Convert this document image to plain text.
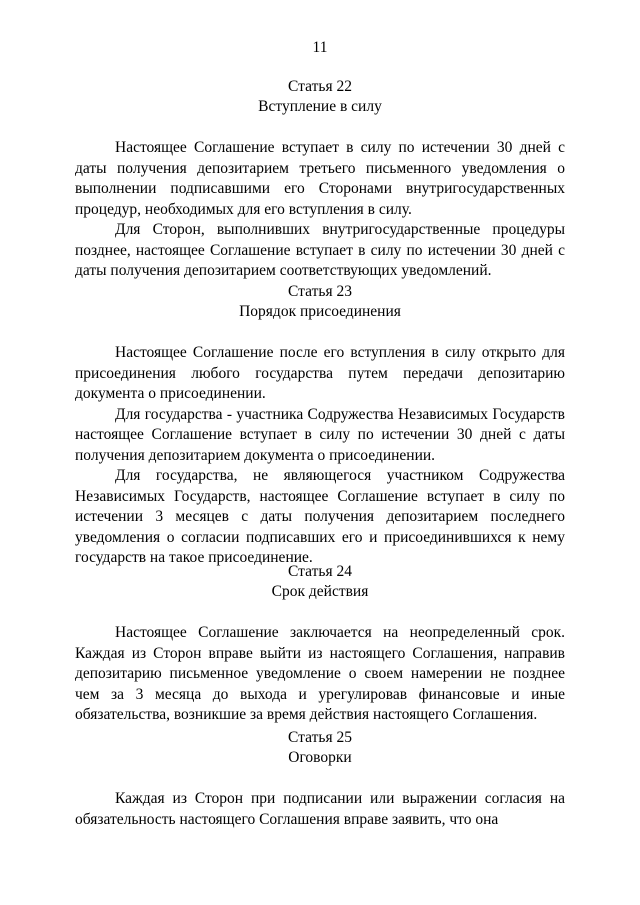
11
Статья 22
Вступление в силу

Настоящее Соглашение вступает в силу по истечении 30 дней с даты получения депозитарием третьего письменного уведомления о выполнении подписавшими его Сторонами внутригосударственных процедур, необходимых для его вступления в силу.

Для Сторон, выполнивших внутригосударственные процедуры позднее, настоящее Соглашение вступает в силу по истечении 30 дней с даты получения депозитарием соответствующих уведомлений.

Статья 23
Порядок присоединения

Настоящее Соглашение после его вступления в силу открыто для присоединения любого государства путем передачи депозитарию документа о присоединении.

Для государства - участника Содружества Независимых Государств настоящее Соглашение вступает в силу по истечении 30 дней с даты получения депозитарием документа о присоединении.

Для государства, не являющегося участником Содружества Независимых Государств, настоящее Соглашение вступает в силу по истечении 3 месяцев с даты получения депозитарием последнего уведомления о согласии подписавших его и присоединившихся к нему государств на такое присоединение.

Статья 24
Срок действия

Настоящее Соглашение заключается на неопределенный срок. Каждая из Сторон вправе выйти из настоящего Соглашения, направив депозитарию письменное уведомление о своем намерении не позднее чем за 3 месяца до выхода и урегулировав финансовые и иные обязательства, возникшие за время действия настоящего Соглашения.

Статья 25
Оговорки

Каждая из Сторон при подписании или выражении согласия на обязательность настоящего Соглашения вправе заявить, что она
